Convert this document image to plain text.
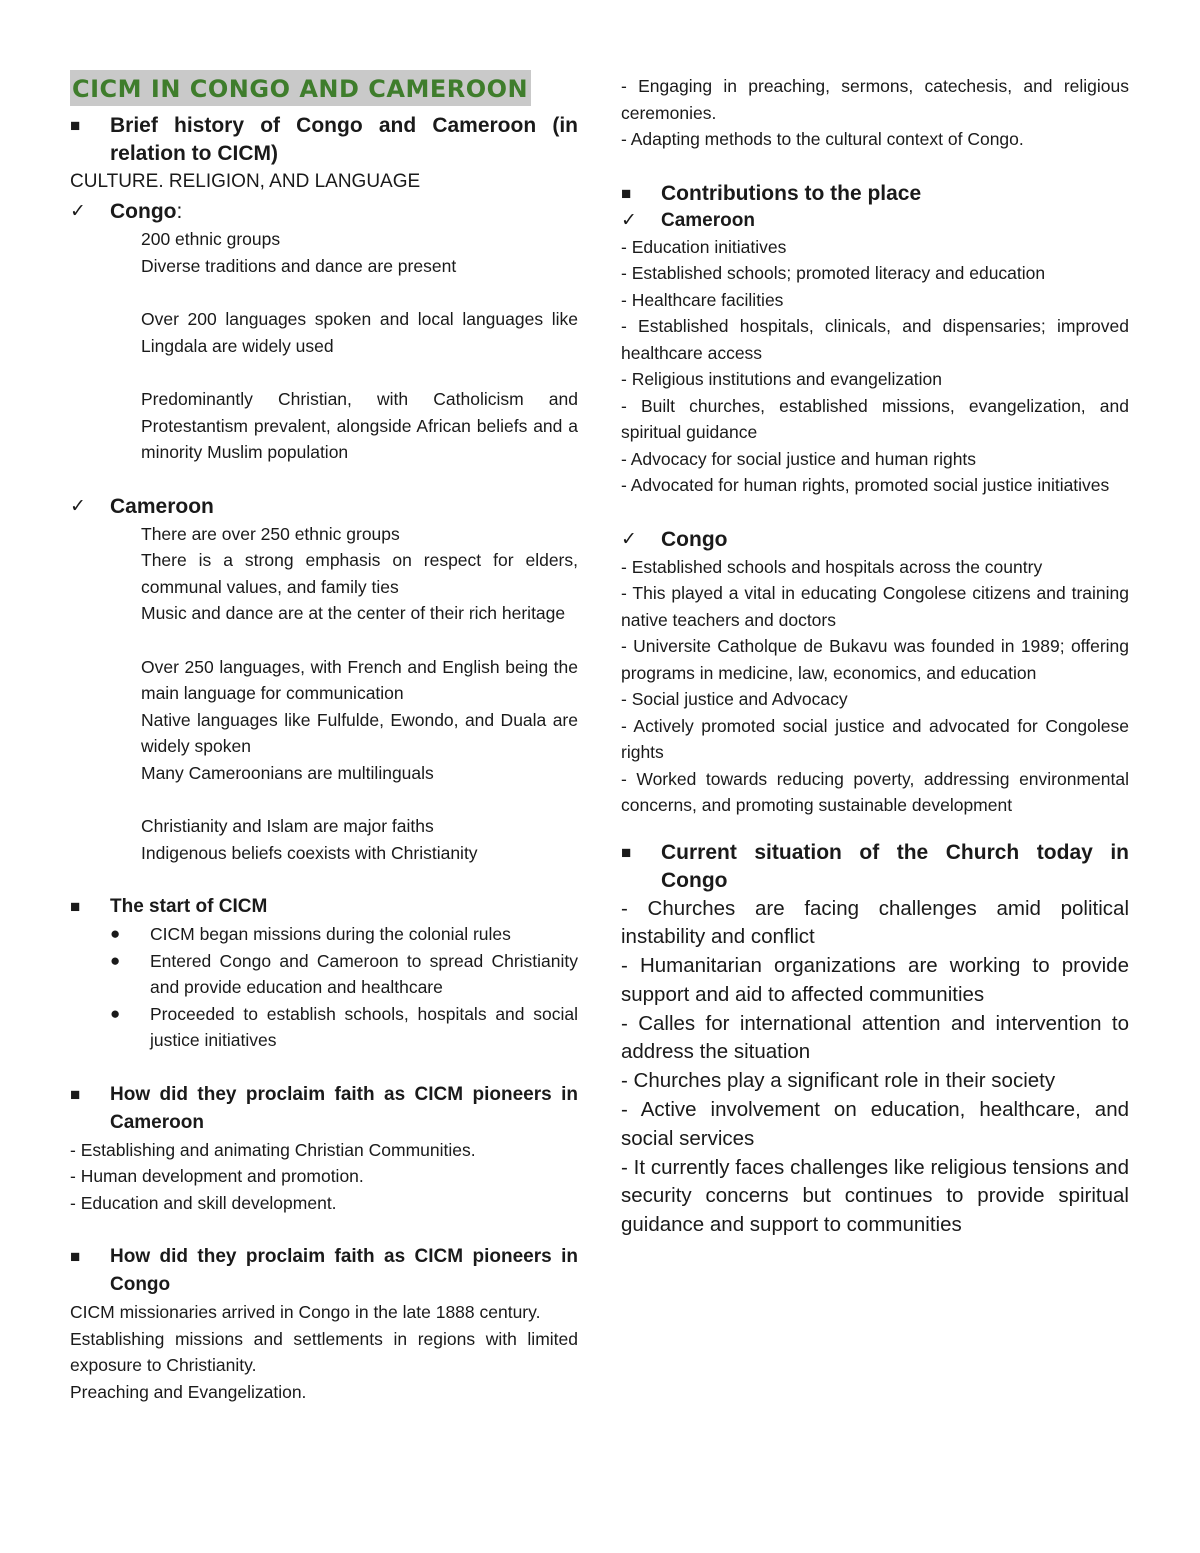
CICM IN CONGO AND CAMEROON
■	Brief history of Congo and Cameroon (in relation to CICM)

CULTURE. RELIGION, AND LANGUAGE

✓	Congo:

200 ethnic groups

Diverse traditions and dance are present

Over 200 languages spoken and local languages like Lingdala are widely used

Predominantly Christian, with Catholicism and Protestantism prevalent, alongside African beliefs and a minority Muslim population

✓	Cameroon

There are over 250 ethnic groups

There is a strong emphasis on respect for elders, communal values, and family ties

Music and dance are at the center of their rich heritage

Over 250 languages, with French and English being the main language for communication

Native languages like Fulfulde, Ewondo, and Duala are widely spoken

Many Cameroonians are multilinguals

Christianity and Islam are major faiths

Indigenous beliefs coexists with Christianity

■	The start of CICM
●	CICM began missions during the colonial rules
●	Entered Congo and Cameroon to spread Christianity and provide education and healthcare
●	Proceeded to establish schools, hospitals and social justice initiatives
■	How did they proclaim faith as CICM pioneers in Cameroon

- Establishing and animating Christian Communities.

- Human development and promotion.

- Education and skill development.

■	How did they proclaim faith as CICM pioneers in Congo

CICM missionaries arrived in Congo in the late 1888 century.

Establishing missions and settlements in regions with limited exposure to Christianity.

Preaching and Evangelization.

- Engaging in preaching, sermons, catechesis, and religious ceremonies.

- Adapting methods to the cultural context of Congo.

■	Contributions to the place
✓	Cameroon

- Education initiatives

- Established schools; promoted literacy and education

- Healthcare facilities

- Established hospitals, clinicals, and dispensaries; improved healthcare access

- Religious institutions and evangelization

- Built churches, established missions, evangelization, and spiritual guidance

- Advocacy for social justice and human rights

- Advocated for human rights, promoted social justice initiatives

✓	Congo

- Established schools and hospitals across the country

- This played a vital in educating Congolese citizens and training native teachers and doctors

- Universite Catholque de Bukavu was founded in 1989; offering programs in medicine, law, economics, and education

- Social justice and Advocacy

- Actively promoted social justice and advocated for Congolese rights

- Worked towards reducing poverty, addressing environmental concerns, and promoting sustainable development

■	Current situation of the Church today in Congo

- Churches are facing challenges amid political instability and conflict

- Humanitarian organizations are working to provide support and aid to affected communities

- Calles for international attention and intervention to address the situation

- Churches play a significant role in their society

- Active involvement on education, healthcare, and social services

- It currently faces challenges like religious tensions and security concerns but continues to provide spiritual guidance and support to communities
